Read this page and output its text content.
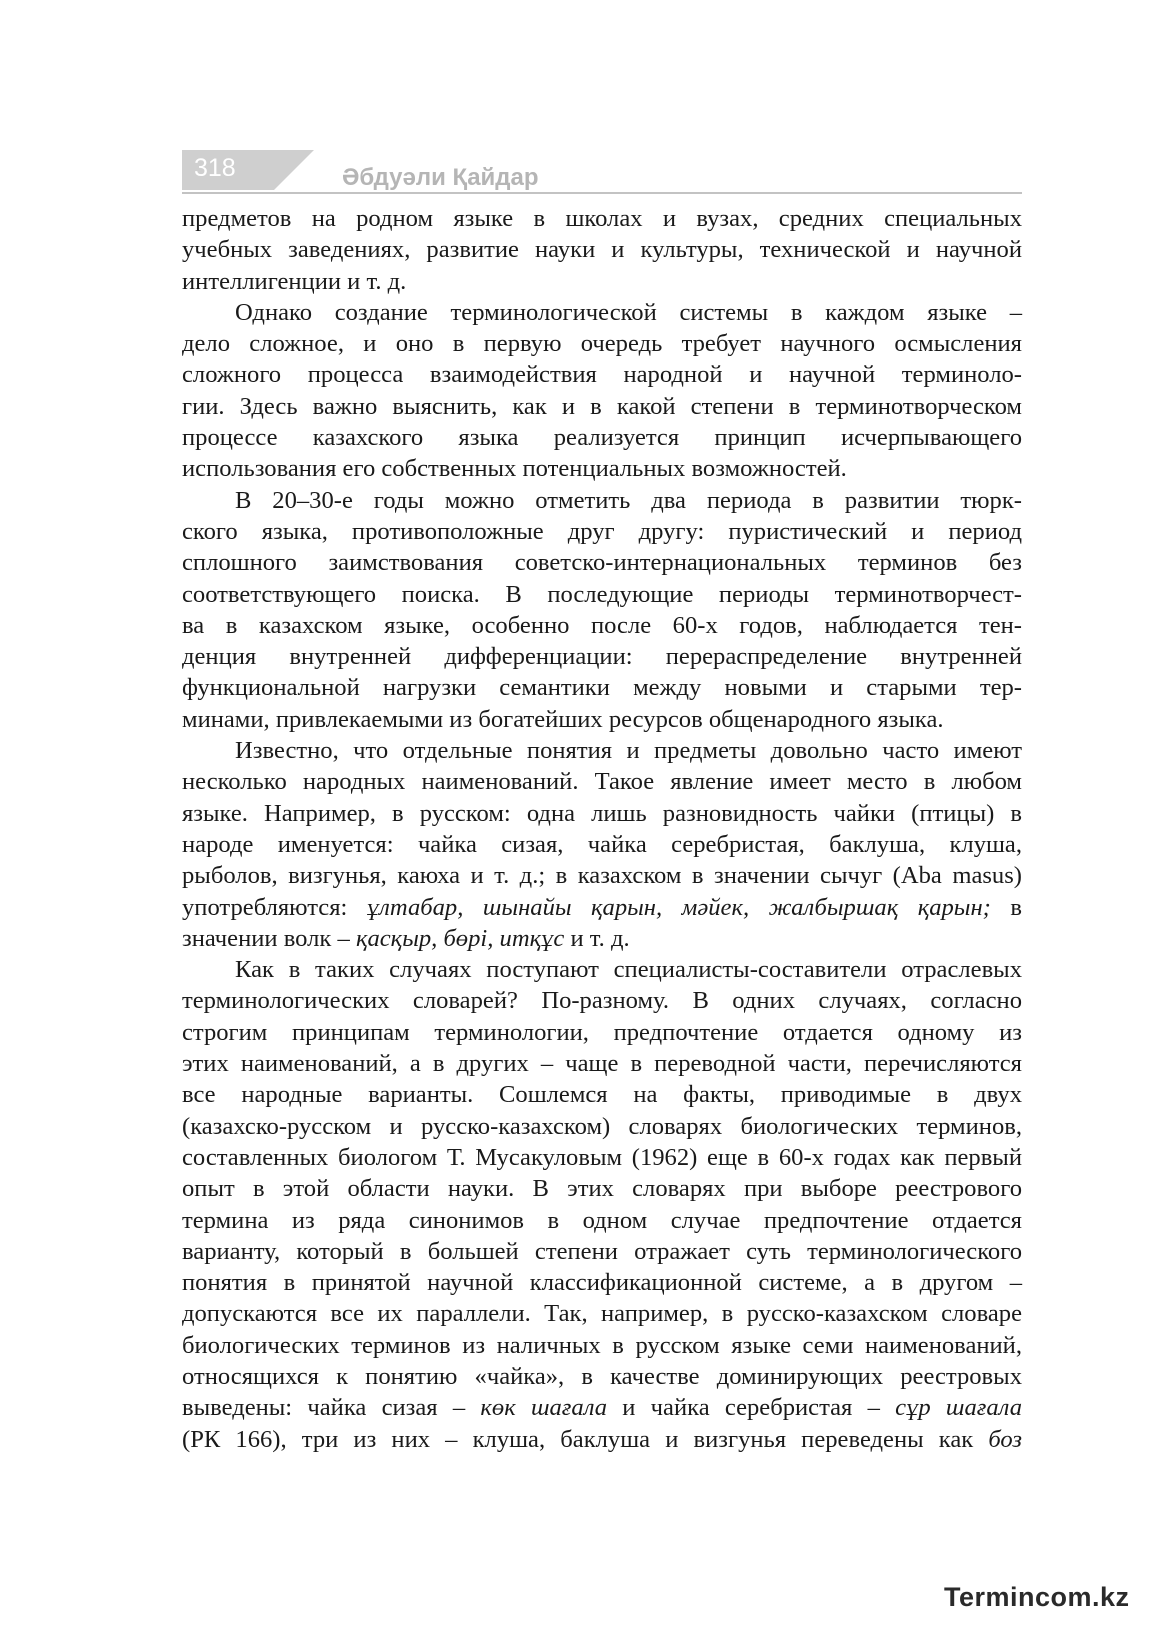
318	Әбдуәли Қайдар

предметов на родном языке в школах и вузах, средних специальных

учебных заведениях, развитие науки и культуры, технической и научной

интеллигенции и т. д.

Однако создание терминологической системы в каждом языке –

дело сложное, и оно в первую очередь требует научного осмысления

сложного процесса взаимодействия народной и научной терминоло-

гии. Здесь важно выяснить, как и в какой степени в терминотворческом

процессе казахского языка реализуется принцип исчерпывающего

использования его собственных потенциальных возможностей.

В 20–30-е годы можно отметить два периода в развитии тюрк-

ского языка, противоположные друг другу: пуристический и период

сплошного заимствования советско-интернациональных терминов без

соответствующего поиска. В последующие периоды терминотворчест-

ва в казахском языке, особенно после 60-х годов, наблюдается тен-

денция внутренней дифференциации: перераспределение внутренней

функциональной нагрузки семантики между новыми и старыми тер-

минами, привлекаемыми из богатейших ресурсов общенародного языка.

Известно, что отдельные понятия и предметы довольно часто имеют

несколько народных наименований. Такое явление имеет место в любом

языке. Например, в русском: одна лишь разновидность чайки (птицы) в

народе именуется: чайка сизая, чайка серебристая, баклуша, клуша,

рыболов, визгунья, каюха и т. д.; в казахском в значении сычуг (Aba masus)

употребляются: ұлтабар, шынайы қарын, мәйек, жалбыршақ қарын; в

значении волк – қасқыр, бөрі, итқұс и т. д.

Как в таких случаях поступают специалисты-составители отраслевых

терминологических словарей? По-разному. В одних случаях, согласно

строгим принципам терминологии, предпочтение отдается одному из

этих наименований, а в других – чаще в переводной части, перечисляются

все народные варианты. Сошлемся на факты, приводимые в двух

(казахско-русском и русско-казахском) словарях биологических терминов,

составленных биологом Т. Мусакуловым (1962) еще в 60-х годах как первый

опыт в этой области науки. В этих словарях при выборе реестрового

термина из ряда синонимов в одном случае предпочтение отдается

варианту, который в большей степени отражает суть терминологического

понятия в принятой научной классификационной системе, а в другом –

допускаются все их параллели. Так, например, в русско-казахском словаре

биологических терминов из наличных в русском языке семи наименований,

относящихся к понятию «чайка», в качестве доминирующих реестровых

выведены: чайка сизая – көк шағала и чайка серебристая – сұр шағала

(РК 166), три из них – клуша, баклуша и визгунья переведены как боз

Termincom.kz
